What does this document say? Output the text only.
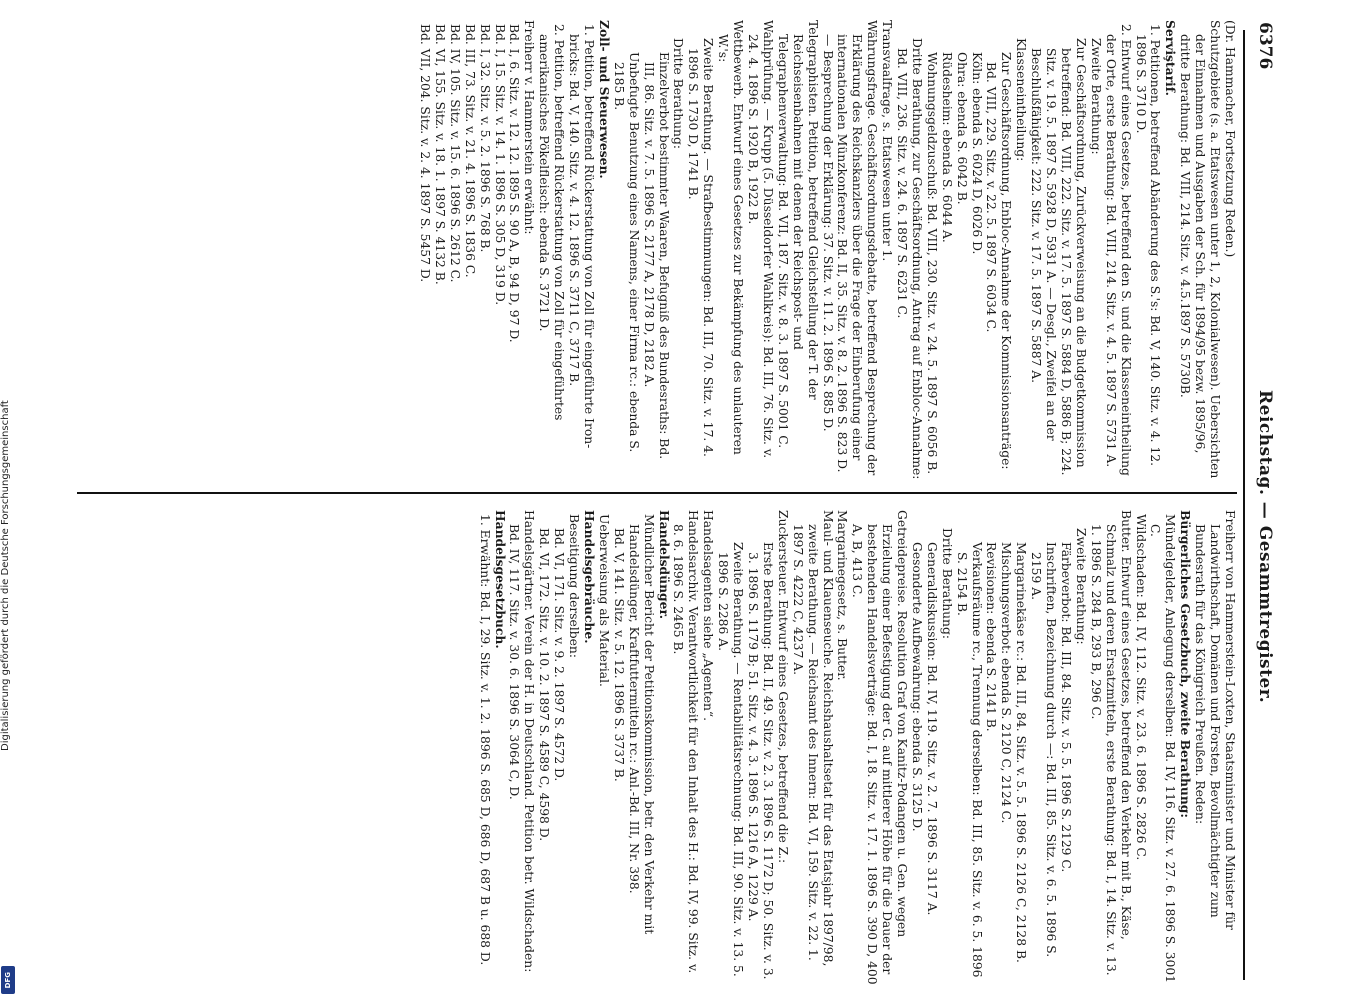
6376
Reichstag. — Gesammtregister.

(Dr. Hammacher, Fortsetzung Reden.)

Schutzgebiete (s. a. Etatswesen unter 1, 2, Kolonialwesen). Uebersichten der Einnahmen und Ausgaben der Sch. für 1894/95 bezw. 1895/96, dritte Berathung: Bd. VIII, 214. Sitz. v. 4.5.1897 S. 5730B.

Serviştarif.

1. Petitionen, betreffend Abänderung des S.'s: Bd. V, 140. Sitz. v. 4. 12. 1896 S. 3710 D.

2. Entwurf eines Gesetzes, betreffend den S. und die Klasseneintheilung der Orte, erste Berathung: Bd. VIII, 214. Sitz. v. 4. 5. 1897 S. 5731 A.

Zweite Berathung:

Zur Geschäftsordnung, Zurückverweisung an die Budgetkommission betreffend: Bd. VIII, 222. Sitz. v. 17. 5. 1897 S. 5884 D, 5886 B; 224. Sitz. v. 19. 5. 1897 S. 5928 D, 5931 A. — Desgl., Zweifel an der Beschlußfähigkeit: 222. Sitz. v. 17. 5. 1897 S. 5887 A.

Klasseneintheilung:

Zur Geschäftsordnung, Enbloc-Annahme der Kommissionsanträge: Bd. VIII, 229. Sitz. v. 22. 5. 1897 S. 6034 C.

Köln: ebenda S. 6024 D, 6026 D.

Ohra: ebenda S. 6042 B.

Rüdesheim: ebenda S. 6044 A.

Wohnungsgeldzuschuß: Bd. VIII, 230. Sitz. v. 24. 5. 1897 S. 6056 B.

Dritte Berathung, zur Geschäftsordnung, Antrag auf Enbloc-Annahme: Bd. VIII, 236. Sitz. v. 24. 6. 1897 S. 6231 C.

Transvaalfrage, s. Etatswesen unter 1.

Währungsfrage. Geschäftsordnungsdebatte, betreffend Besprechung der Erklärung des Reichskanzlers über die Frage der Einberufung einer internationalen Münzkonferenz: Bd. II, 35. Sitz. v. 8. 2. 1896 S. 823 D. — Besprechung der Erklärung: 37. Sitz. v. 11. 2. 1896 S. 885 D.

Telegraphisten. Petition, betreffend Gleichstellung der T. der Reichseisenbahnen mit denen der Reichspost- und Telegraphenverwaltung: Bd. VII, 187. Sitz. v. 8. 3. 1897 S. 5001 C.

Wahlprüfung. — Krupp (5. Düsseldorfer Wahlkreis): Bd. III, 76. Sitz. v. 24. 4. 1896 S. 1920 B, 1922 B.

Wettbewerb. Entwurf eines Gesetzes zur Bekämpfung des unlauteren W.'s:

Zweite Berathung. — Strafbestimmungen: Bd. III, 70. Sitz. v. 17. 4. 1896 S. 1730 D, 1741 B.

Dritte Berathung:

Einzelverbot bestimmter Waaren, Befugniß des Bundesraths: Bd. III, 86. Sitz. v. 7. 5. 1896 S. 2177 A, 2178 D, 2182 A.

Unbefugte Benutzung eines Namens, einer Firma rc.: ebenda S. 2185 B.

Zoll- und Steuerwesen.

1. Petition, betreffend Rückerstattung von Zoll für eingeführte Iron-bricks: Bd. V, 140. Sitz. v. 4. 12. 1896 S. 3711 C, 3717 B.

2. Petition, betreffend Rückerstattung von Zoll für eingeführtes amerikanisches Pökelfleisch: ebenda S. 3721 D.

Freiherr v. Hammerstein erwähnt:

Bd. I, 6. Sitz. v. 12. 12. 1895 S. 90 A, B, 94 D, 97 D.

Bd. I, 15. Sitz. v. 14. 1. 1896 S. 305 D, 319 D.

Bd. I, 32. Sitz. v. 5. 2. 1896 S. 768 B.

Bd. III, 73. Sitz. v. 21. 4. 1896 S. 1836 C.

Bd. IV, 105. Sitz. v. 15. 6. 1896 S. 2612 C.

Bd. VI, 155. Sitz. v. 18. 1. 1897 S. 4132 B.

Bd. VII, 204. Sitz. v. 2. 4. 1897 S. 5457 D.

Freiherr von Hammerstein-Loxten, Staatsminister und Minister für Landwirthschaft, Domänen und Forsten, Bevollmächtigter zum Bundesrath für das Königreich Preußen. Reden:

Bürgerliches Gesetzbuch, zweite Berathung:

Mündelgelder, Anlegung derselben: Bd. IV, 116. Sitz. v. 27. 6. 1896 S. 3001 C.

Wildschaden: Bd. IV, 112. Sitz. v. 23. 6. 1896 S. 2826 C.

Butter. Entwurf eines Gesetzes, betreffend den Verkehr mit B., Käse, Schmalz und deren Ersatzmitteln, erste Berathung: Bd. I, 14. Sitz. v. 13. 1. 1896 S. 284 B, 293 B, 296 C.

Zweite Berathung:

Färbeverbot: Bd. III, 84. Sitz. v. 5. 5. 1896 S. 2129 C.

Inschriften, Bezeichnung durch —: Bd. III, 85. Sitz. v. 6. 5. 1896 S. 2159 A.

Margarinekäse rc.: Bd. III, 84. Sitz. v. 5. 5. 1896 S. 2126 C, 2128 B.

Mischungsverbot: ebenda S. 2120 C, 2124 C.

Revisionen: ebenda S. 2141 B.

Verkaufsräume rc., Trennung derselben: Bd. III, 85. Sitz. v. 6. 5. 1896 S. 2154 B.

Dritte Berathung:

Generaldiskussion: Bd. IV, 119. Sitz. v. 2. 7. 1896 S. 3117 A.

Gesonderte Aufbewahrung: ebenda S. 3125 D.

Getreidepreise. Resolution Graf von Kanitz-Podangen u. Gen. wegen Erzielung einer Befestigung der G. auf mittlerer Höhe für die Dauer der bestehenden Handelsverträge: Bd. I, 18. Sitz. v. 17. 1. 1896 S. 390 D, 400 A, B, 413 C.

Margarinegesetz, s. Butter.

Maul- und Klauenseuche. Reichshaushaltsetat für das Etatsjahr 1897/98, zweite Berathung. — Reichsamt des Innern: Bd. VI, 159. Sitz. v. 22. 1. 1897 S. 4222 C, 4237 A.

Zuckersteuer. Entwurf eines Gesetzes, betreffend die Z.:

Erste Berathung: Bd. II, 49. Sitz. v. 2. 3. 1896 S. 1172 D; 50. Sitz. v. 3. 3. 1896 S. 1179 B; 51. Sitz. v. 4. 3. 1896 S. 1216 A, 1229 A.

Zweite Berathung. — Rentabilitätsrechnung: Bd. III, 90. Sitz. v. 13. 5. 1896 S. 2286 A.

Handelsagenten siehe „Agenten“.

Handelsarchiv. Verantwortlichkeit für den Inhalt des H.: Bd. IV, 99. Sitz. v. 8. 6. 1896 S. 2465 B.

Handelsdünger.

Mündlicher Bericht der Petitionskommission, betr. den Verkehr mit Handelsdünger, Kraftfuttermitteln rc.: Anl.-Bd. III, Nr. 398.

Bd. V, 141. Sitz. v. 5. 12. 1896 S. 3737 B.

Ueberweisung als Material.

Handelsgebräuche.

Beseitigung derselben:

Bd. VI, 171. Sitz. v. 9. 2. 1897 S. 4572 D.

Bd. VI, 172. Sitz. v. 10. 2. 1897 S. 4589 C, 4598 D.

Handelsgärtner. Verein der H. in Deutschland. Petition betr. Wildschaden: Bd. IV, 117. Sitz. v. 30. 6. 1896 S. 3064 C, D.

Handelsgesetzbuch.

1. Erwähnt: Bd. I, 29. Sitz. v. 1. 2. 1896 S. 685 D, 686 D, 687 B u. 688 D.

Digitalisierung gefördert durch die Deutsche Forschungsgemeinschaft
DFG
